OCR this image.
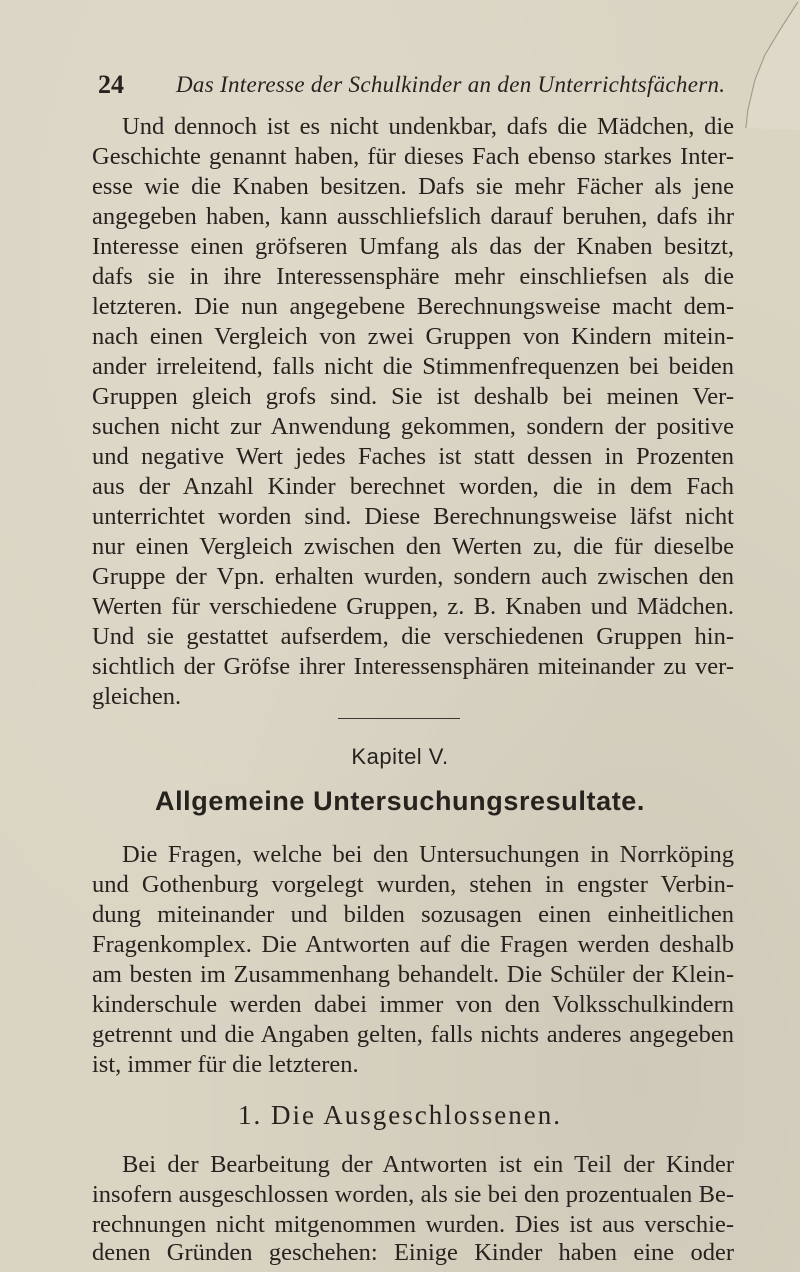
24 Das Interesse der Schulkinder an den Unterrichtsfächern.
Und dennoch ist es nicht undenkbar, dafs die Mädchen, die
Geschichte genannt haben, für dieses Fach ebenso starkes Inter-
esse wie die Knaben besitzen. Dafs sie mehr Fächer als jene
angegeben haben, kann ausschliefslich darauf beruhen, dafs ihr
Interesse einen gröfseren Umfang als das der Knaben besitzt,
dafs sie in ihre Interessensphäre mehr einschliefsen als die
letzteren. Die nun angegebene Berechnungsweise macht dem-
nach einen Vergleich von zwei Gruppen von Kindern mitein-
ander irreleitend, falls nicht die Stimmenfrequenzen bei beiden
Gruppen gleich grofs sind. Sie ist deshalb bei meinen Ver-
suchen nicht zur Anwendung gekommen, sondern der positive
und negative Wert jedes Faches ist statt dessen in Prozenten
aus der Anzahl Kinder berechnet worden, die in dem Fach
unterrichtet worden sind. Diese Berechnungsweise läfst nicht
nur einen Vergleich zwischen den Werten zu, die für dieselbe
Gruppe der Vpn. erhalten wurden, sondern auch zwischen den
Werten für verschiedene Gruppen, z. B. Knaben und Mädchen.
Und sie gestattet aufserdem, die verschiedenen Gruppen hin-
sichtlich der Gröfse ihrer Interessensphären miteinander zu ver-
gleichen.
Kapitel V.
Allgemeine Untersuchungsresultate.
Die Fragen, welche bei den Untersuchungen in Norrköping
und Gothenburg vorgelegt wurden, stehen in engster Verbin-
dung miteinander und bilden sozusagen einen einheitlichen
Fragenkomplex. Die Antworten auf die Fragen werden deshalb
am besten im Zusammenhang behandelt. Die Schüler der Klein-
kinderschule werden dabei immer von den Volksschulkindern
getrennt und die Angaben gelten, falls nichts anderes angegeben
ist, immer für die letzteren.
1. Die Ausgeschlossenen.
Bei der Bearbeitung der Antworten ist ein Teil der Kinder
insofern ausgeschlossen worden, als sie bei den prozentualen Be-
rechnungen nicht mitgenommen wurden. Dies ist aus verschie-
denen Gründen geschehen: Einige Kinder haben eine oder
